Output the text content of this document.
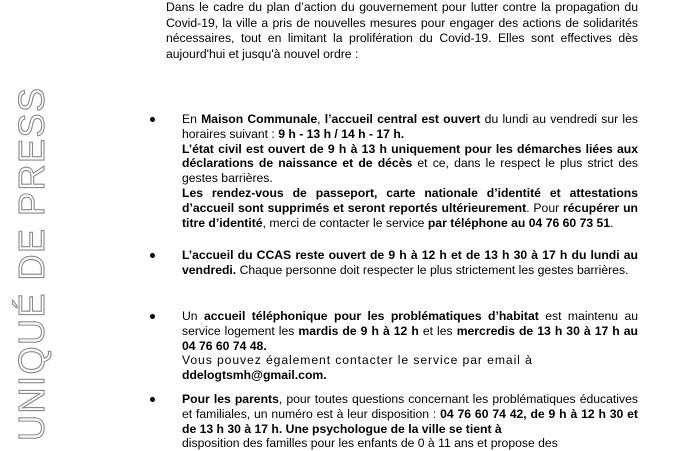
UNIQUÉ DE PRESS

Dans le cadre du plan d’action du gouvernement pour lutter contre la propagation du Covid-19, la ville a pris de nouvelles mesures pour engager des actions de solidarités nécessaires, tout en limitant la prolifération du Covid-19. Elles sont effectives dès aujourd'hui et jusqu'à nouvel ordre :

En Maison Communale, l’accueil central est ouvert du lundi au vendredi sur les horaires suivant : 9 h - 13 h / 14 h - 17 h.
L’état civil est ouvert de 9 h à 13 h uniquement pour les démarches liées aux déclarations de naissance et de décès et ce, dans le respect le plus strict des gestes barrières.
Les rendez-vous de passeport, carte nationale d’identité et attestations d’accueil sont supprimés et seront reportés ultérieurement. Pour récupérer un titre d’identité, merci de contacter le service par téléphone au 04 76 60 73 51.
L’accueil du CCAS reste ouvert de 9 h à 12 h et de 13 h 30 à 17 h du lundi au vendredi. Chaque personne doit respecter le plus strictement les gestes barrières.
Un accueil téléphonique pour les problématiques d’habitat est maintenu au service logement les mardis de 9 h à 12 h et les mercredis de 13 h 30 à 17 h au 04 76 60 74 48.
Vous pouvez également contacter le service par email à
ddelogtsmh@gmail.com.
Pour les parents, pour toutes questions concernant les problématiques éducatives et familiales, un numéro est à leur disposition : 04 76 60 74 42, de 9 h à 12 h 30 et de 13 h 30 à 17 h. Une psychologue de la ville se tient à
disposition des familles pour les enfants de 0 à 11 ans et propose des
